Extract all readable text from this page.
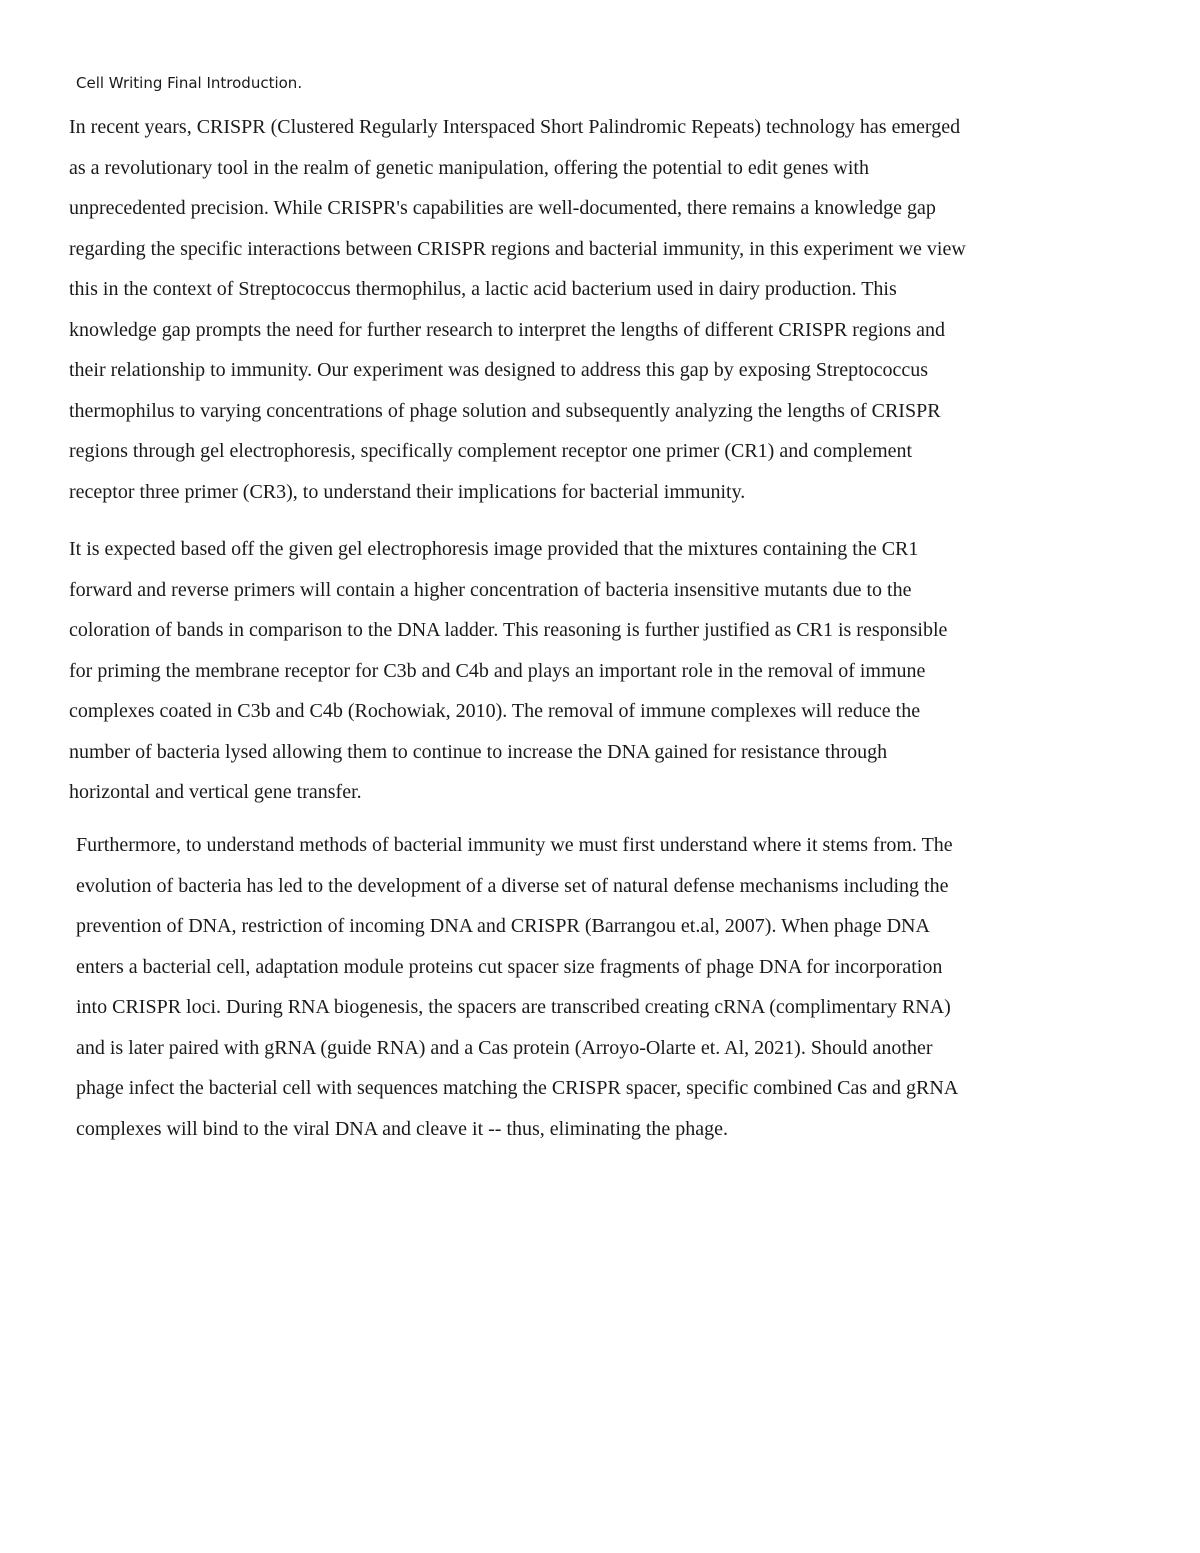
Cell Writing Final Introduction.

In recent years, CRISPR (Clustered Regularly Interspaced Short Palindromic Repeats) technology has emerged
as a revolutionary tool in the realm of genetic manipulation, offering the potential to edit genes with
unprecedented precision. While CRISPR's capabilities are well-documented, there remains a knowledge gap
regarding the specific interactions between CRISPR regions and bacterial immunity, in this experiment we view
this in the context of Streptococcus thermophilus, a lactic acid bacterium used in dairy production. This
knowledge gap prompts the need for further research to interpret the lengths of different CRISPR regions and
their relationship to immunity. Our experiment was designed to address this gap by exposing Streptococcus
thermophilus to varying concentrations of phage solution and subsequently analyzing the lengths of CRISPR
regions through gel electrophoresis, specifically complement receptor one primer (CR1) and complement
receptor three primer (CR3), to understand their implications for bacterial immunity.

It is expected based off the given gel electrophoresis image provided that the mixtures containing the CR1
forward and reverse primers will contain a higher concentration of bacteria insensitive mutants due to the
coloration of bands in comparison to the DNA ladder. This reasoning is further justified as CR1 is responsible
for priming the membrane receptor for C3b and C4b and plays an important role in the removal of immune
complexes coated in C3b and C4b (Rochowiak, 2010). The removal of immune complexes will reduce the
number of bacteria lysed allowing them to continue to increase the DNA gained for resistance through
horizontal and vertical gene transfer.

Furthermore, to understand methods of bacterial immunity we must first understand where it stems from. The
evolution of bacteria has led to the development of a diverse set of natural defense mechanisms including the
prevention of DNA, restriction of incoming DNA and CRISPR (Barrangou et.al, 2007). When phage DNA
enters a bacterial cell, adaptation module proteins cut spacer size fragments of phage DNA for incorporation
into CRISPR loci. During RNA biogenesis, the spacers are transcribed creating cRNA (complimentary RNA)
and is later paired with gRNA (guide RNA) and a Cas protein (Arroyo-Olarte et. Al, 2021). Should another
phage infect the bacterial cell with sequences matching the CRISPR spacer, specific combined Cas and gRNA
complexes will bind to the viral DNA and cleave it -- thus, eliminating the phage.
